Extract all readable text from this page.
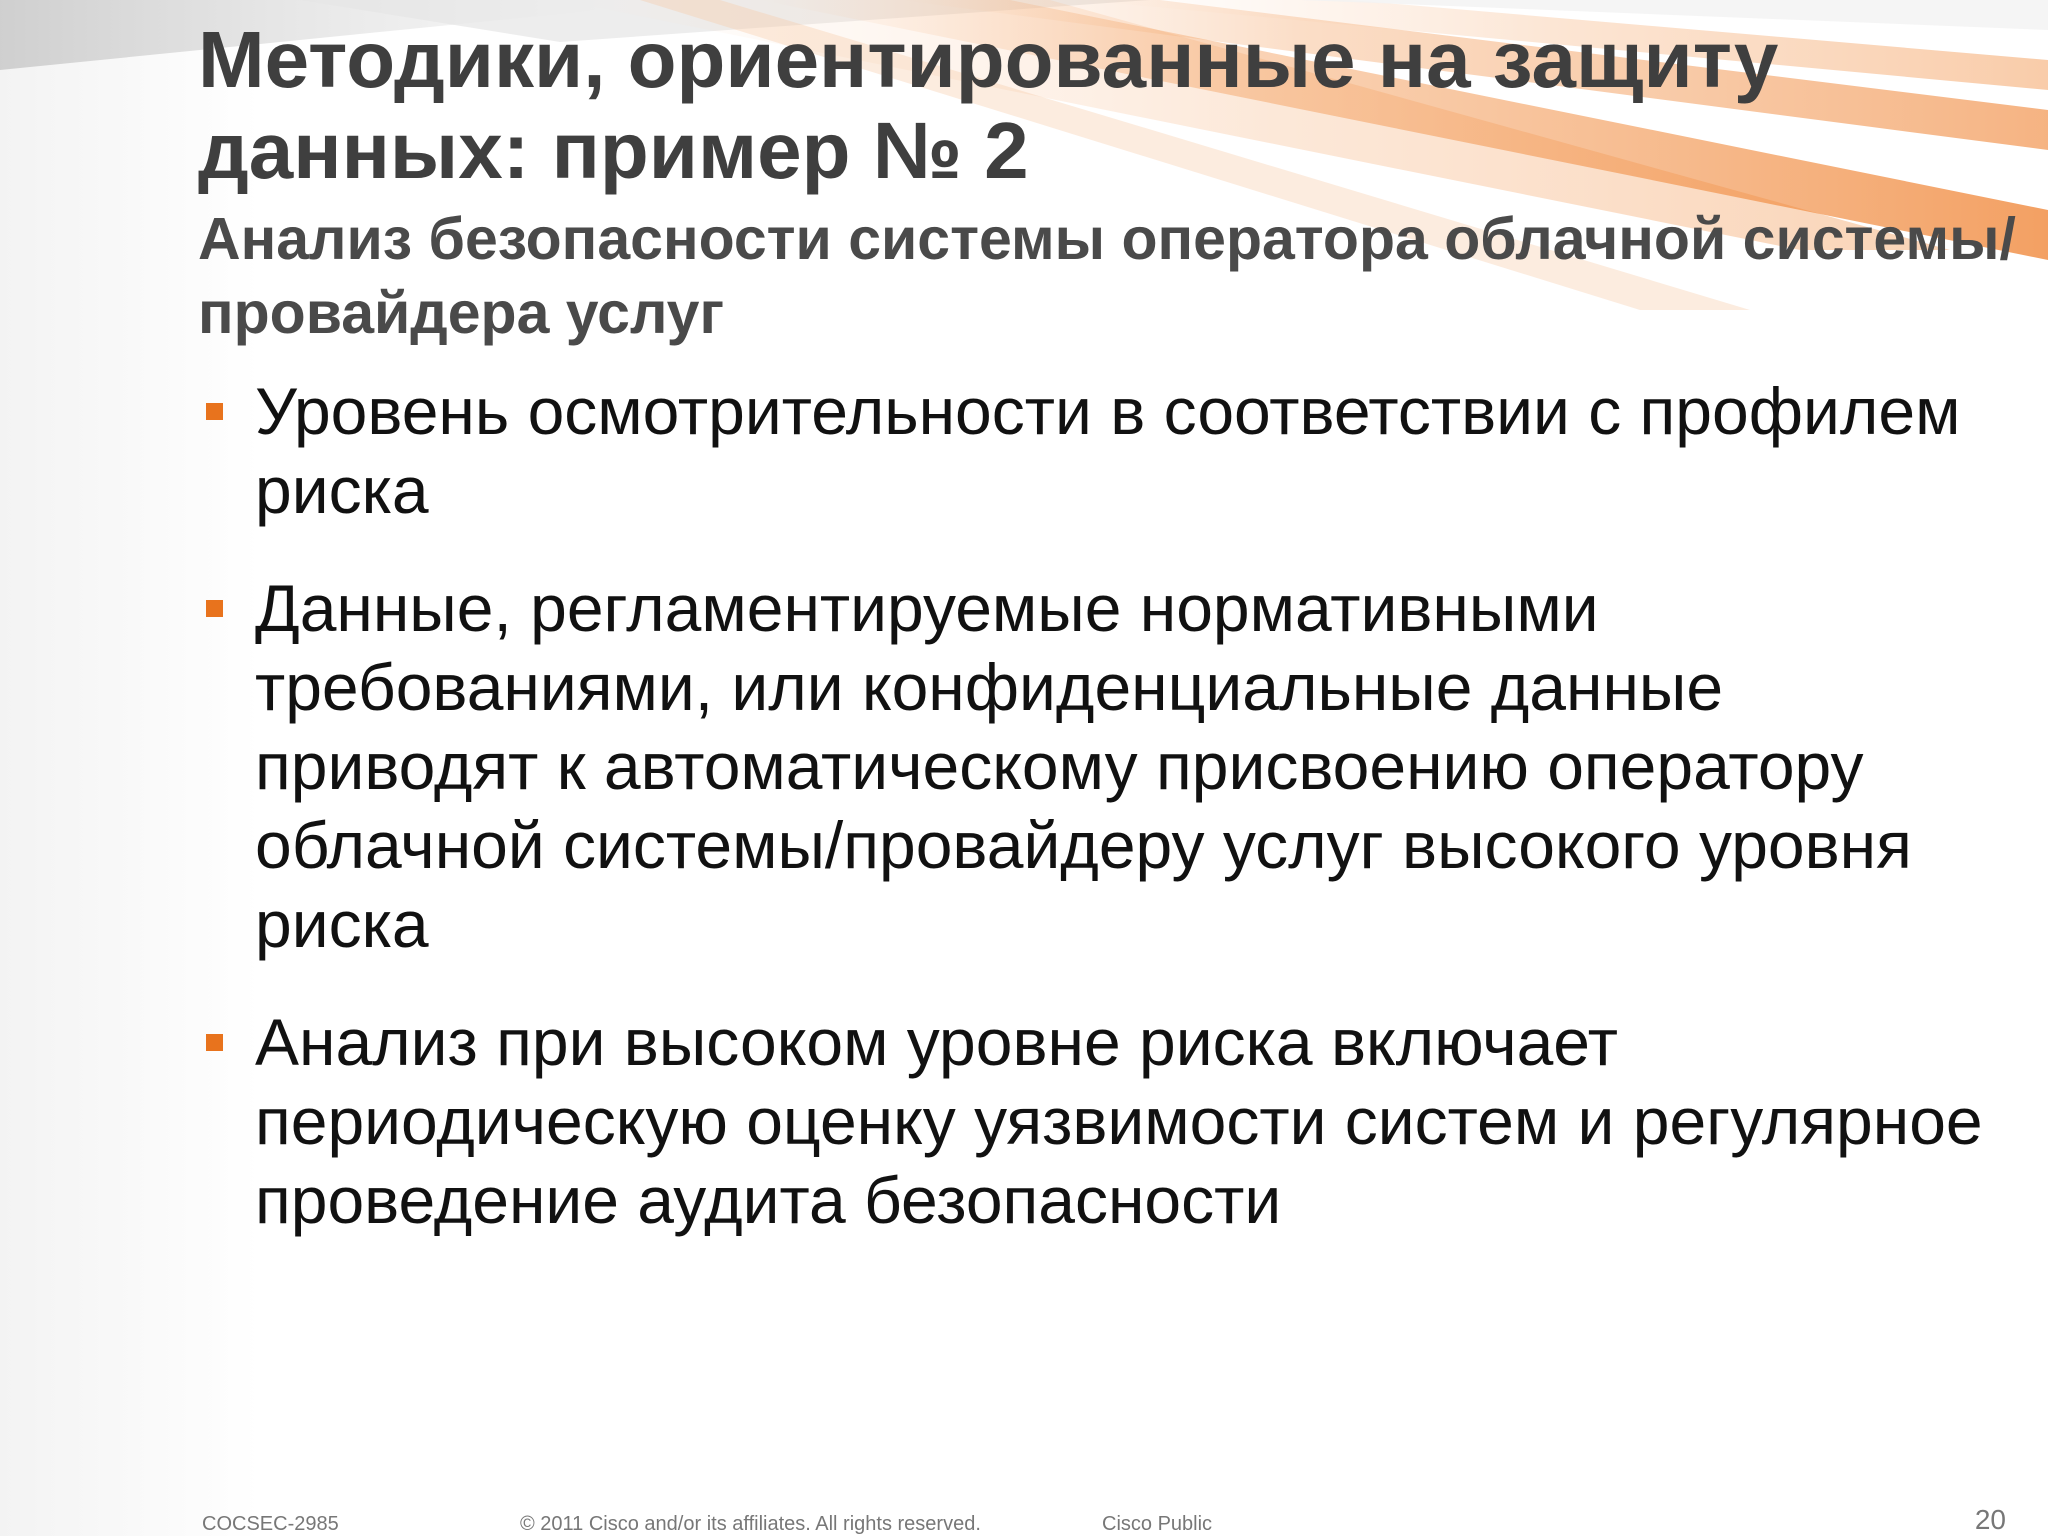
Методики, ориентированные на защиту данных: пример № 2
Анализ безопасности системы оператора облачной системы/провайдера услуг
Уровень осмотрительности в соответствии с профилем риска
Данные, регламентируемые нормативными требованиями, или конфиденциальные данные приводят к автоматическому присвоению оператору облачной системы/провайдеру услуг высокого уровня риска
Анализ при высоком уровне риска включает периодическую оценку уязвимости систем и регулярное проведение аудита безопасности
COCSEC-2985	© 2011 Cisco and/or its affiliates. All rights reserved.	Cisco Public	20
